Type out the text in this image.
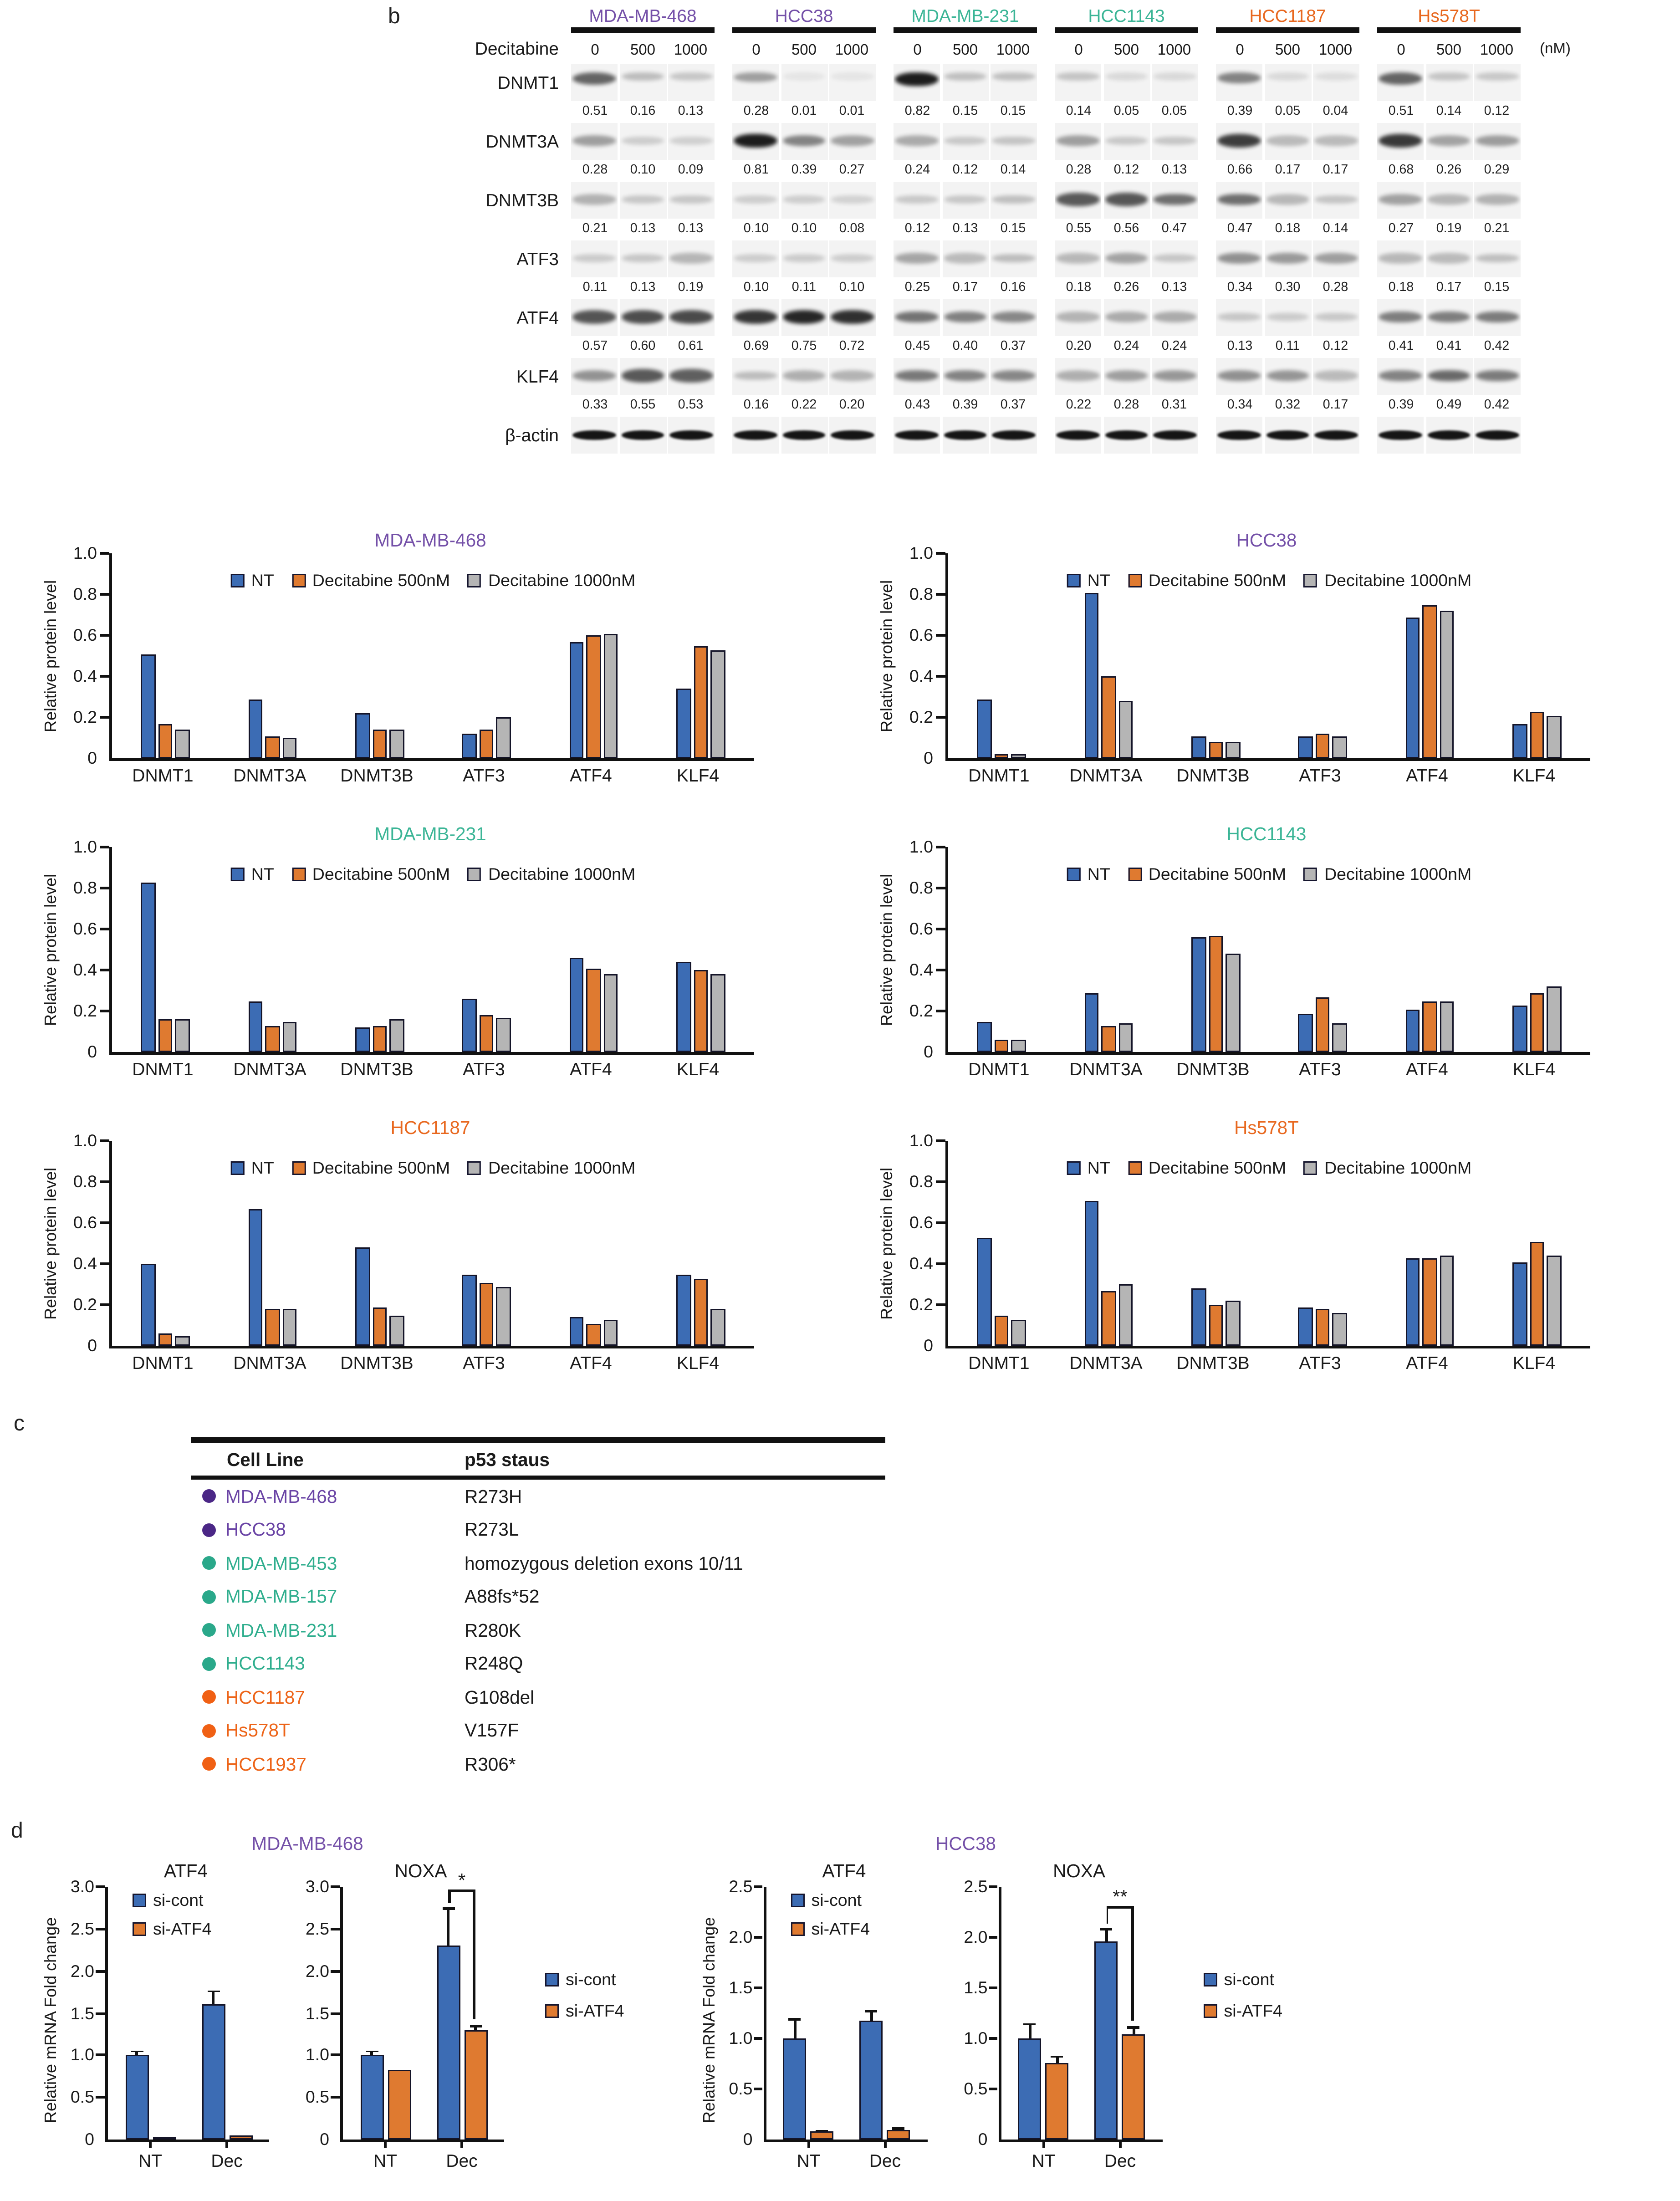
b	MDA-MB-468	HCC38	MDA-MB-231	HCC1143	HCC1187	Hs578T
Decitabine	0	500	1000	0	500	1000	0	500	1000	0	500	1000	0	500	1000	0	500	1000	(nM)
DNMT1
0.51	0.16	0.13	0.28	0.01	0.01	0.82	0.15	0.15	0.14	0.05	0.05	0.39	0.05	0.04	0.51	0.14	0.12
DNMT3A
0.28	0.10	0.09	0.81	0.39	0.27	0.24	0.12	0.14	0.28	0.12	0.13	0.66	0.17	0.17	0.68	0.26	0.29
DNMT3B
0.21	0.13	0.13	0.10	0.10	0.08	0.12	0.13	0.15	0.55	0.56	0.47	0.47	0.18	0.14	0.27	0.19	0.21
ATF3
0.11	0.13	0.19	0.10	0.11	0.10	0.25	0.17	0.16	0.18	0.26	0.13	0.34	0.30	0.28	0.18	0.17	0.15
ATF4
0.57	0.60	0.61	0.69	0.75	0.72	0.45	0.40	0.37	0.20	0.24	0.24	0.13	0.11	0.12	0.41	0.41	0.42
KLF4
0.33	0.55	0.53	0.16	0.22	0.20	0.43	0.39	0.37	0.22	0.28	0.31	0.34	0.32	0.17	0.39	0.49	0.42
β-actin
MDA-MB-468
Relative protein level
1.0
0.8
0.6
0.4
0.2
0
NT	Decitabine 500nM	Decitabine 1000nM
DNMT1	DNMT3A	DNMT3B	ATF3	ATF4	KLF4
HCC38
Relative protein level
1.0
0.8
0.6
0.4
0.2
0
NT	Decitabine 500nM	Decitabine 1000nM
DNMT1	DNMT3A	DNMT3B	ATF3	ATF4	KLF4
MDA-MB-231
Relative protein level
1.0
0.8
0.6
0.4
0.2
0
NT	Decitabine 500nM	Decitabine 1000nM
DNMT1	DNMT3A	DNMT3B	ATF3	ATF4	KLF4
HCC1143
Relative protein level
1.0
0.8
0.6
0.4
0.2
0
NT	Decitabine 500nM	Decitabine 1000nM
DNMT1	DNMT3A	DNMT3B	ATF3	ATF4	KLF4
HCC1187
Relative protein level
1.0
0.8
0.6
0.4
0.2
0
NT	Decitabine 500nM	Decitabine 1000nM
DNMT1	DNMT3A	DNMT3B	ATF3	ATF4	KLF4
Hs578T
Relative protein level
1.0
0.8
0.6
0.4
0.2
0
NT	Decitabine 500nM	Decitabine 1000nM
DNMT1	DNMT3A	DNMT3B	ATF3	ATF4	KLF4
c
Cell Line	p53 staus
MDA-MB-468	R273H
HCC38	R273L
MDA-MB-453	homozygous deletion exons 10/11
MDA-MB-157	A88fs*52
MDA-MB-231	R280K
HCC1143	R248Q
HCC1187	G108del
Hs578T	V157F
HCC1937	R306*
d
MDA-MB-468
Relative mRNA Fold change
ATF4
3.0
2.5
2.0
1.5
1.0
0.5
0
NT	Dec
si-cont
si-ATF4
NOXA
3.0
2.5
2.0
1.5
1.0
0.5
0
NT	Dec
*
si-cont
si-ATF4
HCC38
Relative mRNA Fold change
ATF4
2.5
2.0
1.5
1.0
0.5
0
NT	Dec
si-cont
si-ATF4
NOXA
2.5
2.0
1.5
1.0
0.5
0
NT	Dec
**
si-cont
si-ATF4
